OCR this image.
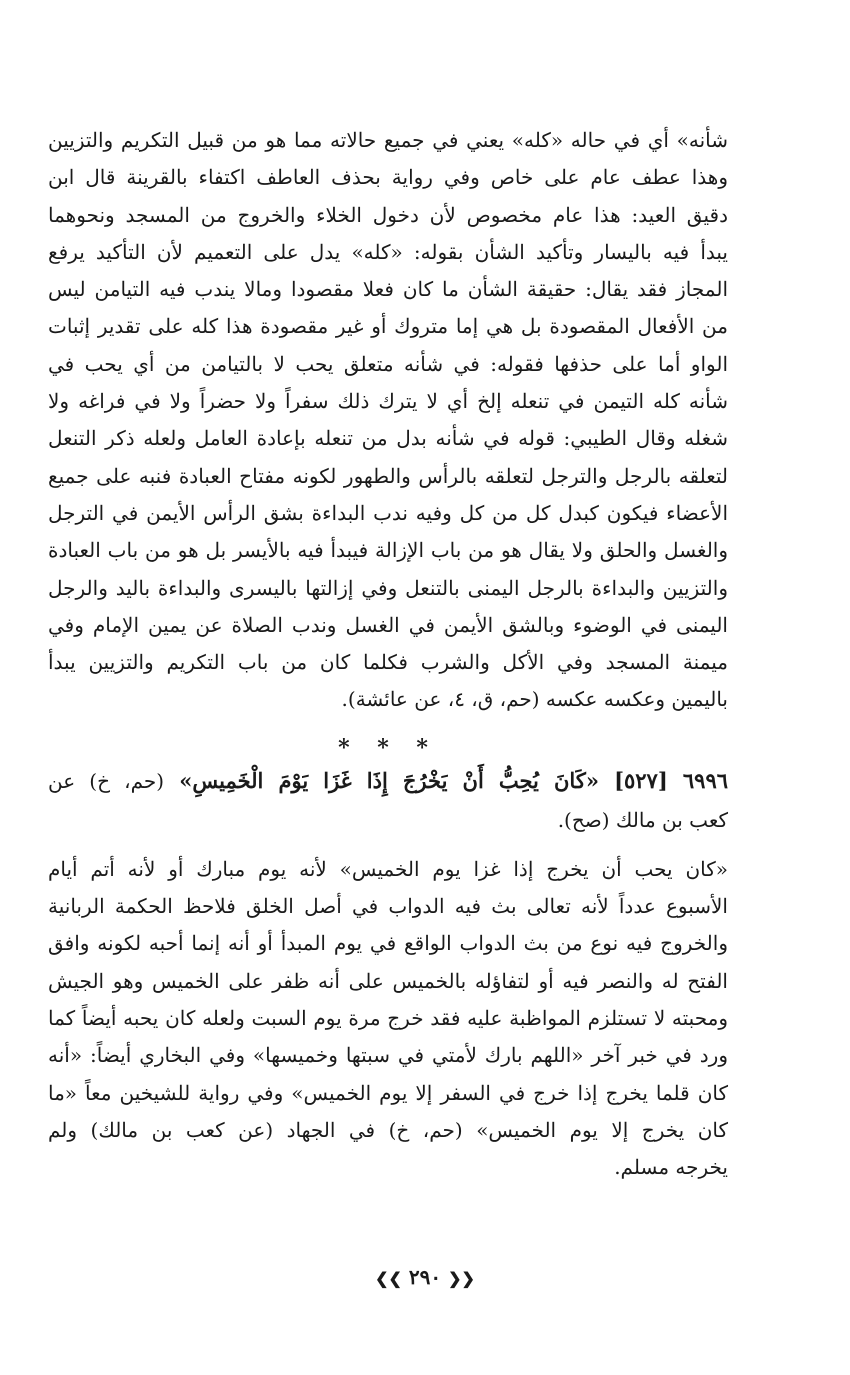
شأنه» أي في حاله «كله» يعني في جميع حالاته مما هو من قبيل التكريم والتزيين
وهذا عطف عام على خاص وفي رواية بحذف العاطف اكتفاء بالقرينة قال ابن
دقيق العيد: هذا عام مخصوص لأن دخول الخلاء والخروج من المسجد ونحوهما
يبدأ فيه باليسار وتأكيد الشأن بقوله: «كله» يدل على التعميم لأن التأكيد يرفع
المجاز فقد يقال: حقيقة الشأن ما كان فعلا مقصودا ومالا يندب فيه التيامن ليس
من الأفعال المقصودة بل هي إما متروك أو غير مقصودة هذا كله على تقدير إثبات
الواو أما على حذفها فقوله: في شأنه متعلق يحب لا بالتيامن من أي يحب في
شأنه كله التيمن في تنعله إلخ أي لا يترك ذلك سفراً ولا حضراً ولا في فراغه ولا
شغله وقال الطيبي: قوله في شأنه بدل من تنعله بإعادة العامل ولعله ذكر التنعل
لتعلقه بالرجل والترجل لتعلقه بالرأس والطهور لكونه مفتاح العبادة فنبه على جميع
الأعضاء فيكون كبدل كل من كل وفيه ندب البداءة بشق الرأس الأيمن في الترجل
والغسل والحلق ولا يقال هو من باب الإزالة فيبدأ فيه بالأيسر بل هو من باب العبادة
والتزيين والبداءة بالرجل اليمنى بالتنعل وفي إزالتها باليسرى والبداءة باليد والرجل
اليمنى في الوضوء وبالشق الأيمن في الغسل وندب الصلاة عن يمين الإمام وفي
ميمنة المسجد وفي الأكل والشرب فكلما كان من باب التكريم والتزيين يبدأ
باليمين وعكسه عكسه (حم، ق، ٤، عن عائشة).
* * *
٦٩٩٦ [٥٢٧] «كَانَ يُحِبُّ أَنْ يَخْرُجَ إِذَا غَزَا يَوْمَ الْخَمِيسِ» (حم، خ) عن
كعب بن مالك (صح).
«كان يحب أن يخرج إذا غزا يوم الخميس» لأنه يوم مبارك أو لأنه أتم أيام
الأسبوع عدداً لأنه تعالى بث فيه الدواب في أصل الخلق فلاحظ الحكمة الربانية
والخروج فيه نوع من بث الدواب الواقع في يوم المبدأ أو أنه إنما أحبه لكونه وافق
الفتح له والنصر فيه أو لتفاؤله بالخميس على أنه ظفر على الخميس وهو الجيش
ومحبته لا تستلزم المواظبة عليه فقد خرج مرة يوم السبت ولعله كان يحبه أيضاً كما
ورد في خبر آخر «اللهم بارك لأمتي في سبتها وخميسها» وفي البخاري أيضاً: «أنه
كان قلما يخرج إذا خرج في السفر إلا يوم الخميس» وفي رواية للشيخين معاً «ما
كان يخرج إلا يوم الخميس» (حم، خ) في الجهاد (عن كعب بن مالك) ولم
يخرجه مسلم.
❮❮ ٢٩٠ ❯❯
